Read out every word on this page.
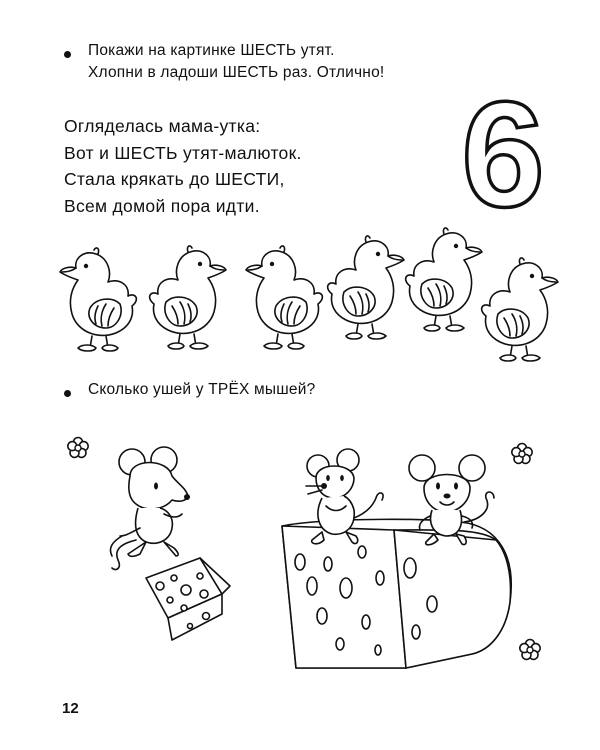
Покажи на картинке ШЕСТЬ утят.
Хлопни в ладоши ШЕСТЬ раз. Отлично!
Огляделась мама-утка:
Вот и ШЕСТЬ утят-малюток.
Стала крякать до ШЕСТИ,
Всем домой пора идти. 6
Сколько ушей у ТРЁХ мышей?
12
